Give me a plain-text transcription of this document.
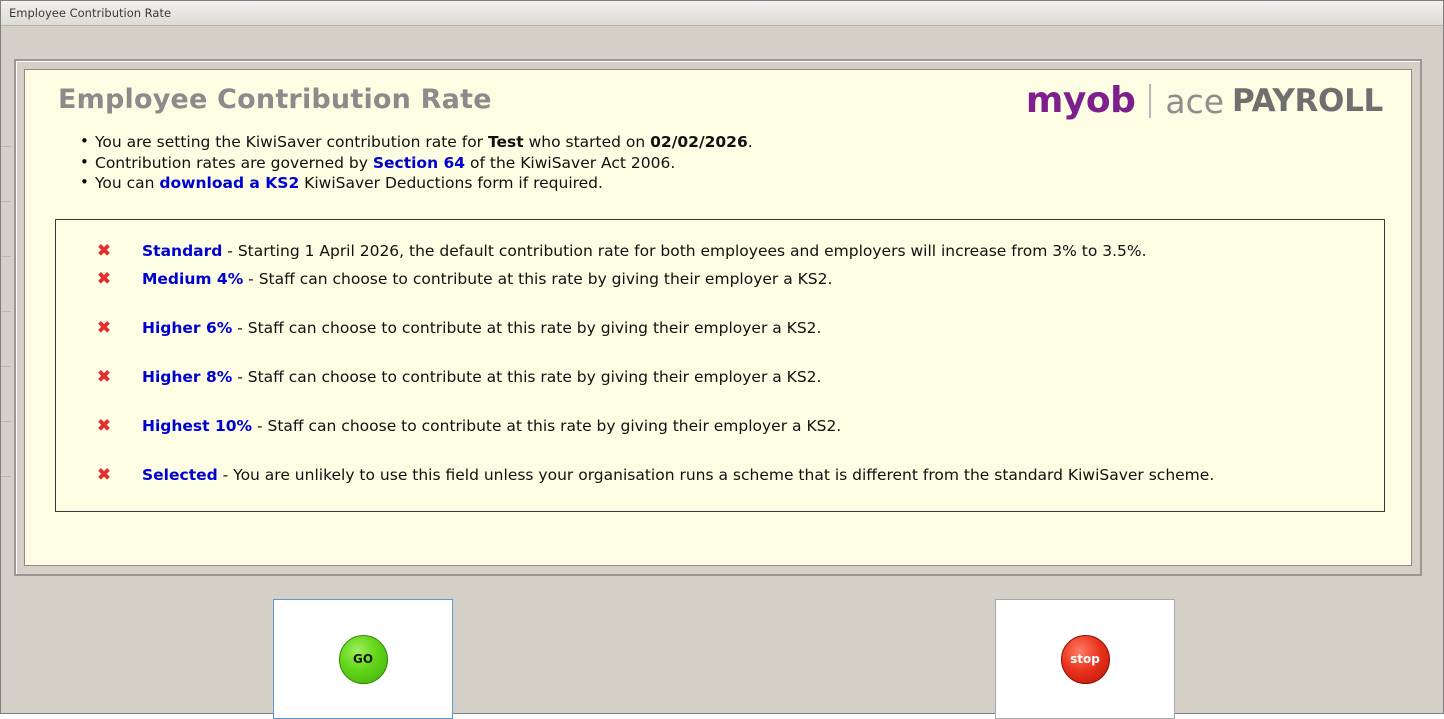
Employee Contribution Rate
Employee Contribution Rate	myob ace PAYROLL
• You are setting the KiwiSaver contribution rate for Test who started on 02/02/2026.
• Contribution rates are governed by Section 64 of the KiwiSaver Act 2006.
• You can download a KS2 KiwiSaver Deductions form if required.
✖ Standard - Starting 1 April 2026, the default contribution rate for both employees and employers will increase from 3% to 3.5%.
✖ Medium 4% - Staff can choose to contribute at this rate by giving their employer a KS2.
✖ Higher 6% - Staff can choose to contribute at this rate by giving their employer a KS2.
✖ Higher 8% - Staff can choose to contribute at this rate by giving their employer a KS2.
✖ Highest 10% - Staff can choose to contribute at this rate by giving their employer a KS2.
✖ Selected - You are unlikely to use this field unless your organisation runs a scheme that is different from the standard KiwiSaver scheme.
GO	stop
